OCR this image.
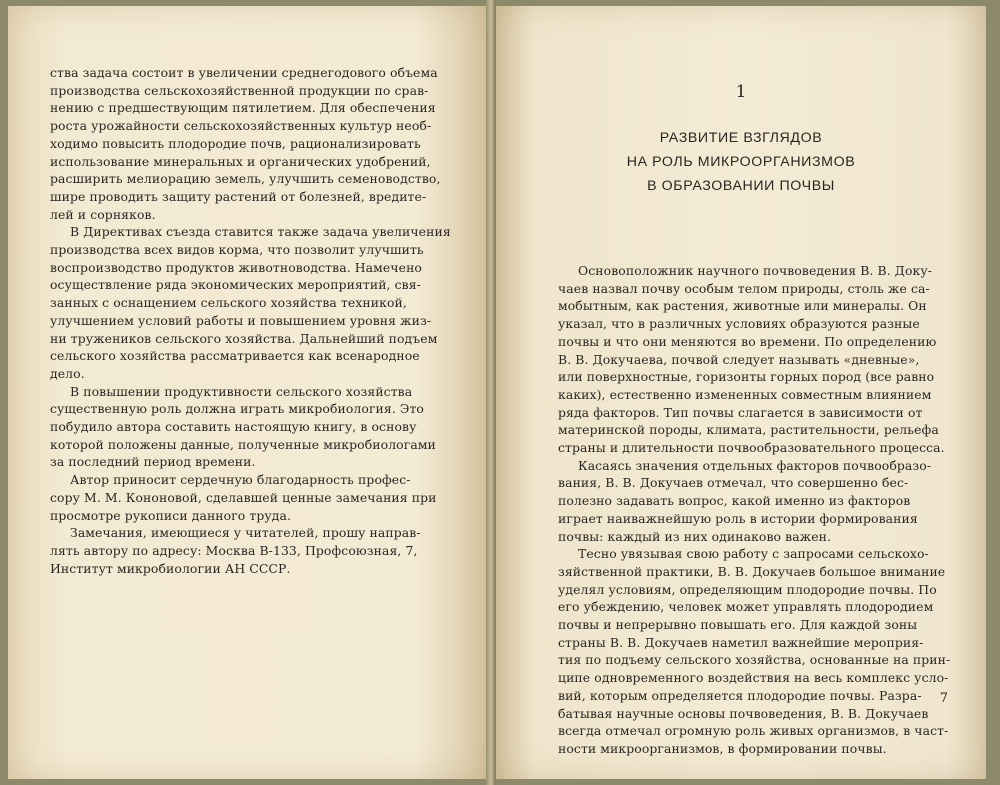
ства задача состоит в увеличении среднегодового объема
производства сельскохозяйственной продукции по срав-
нению с предшествующим пятилетием. Для обеспечения
роста урожайности сельскохозяйственных культур необ-
ходимо повысить плодородие почв, рационализировать
использование минеральных и органических удобрений,
расширить мелиорацию земель, улучшить семеноводство,
шире проводить защиту растений от болезней, вредите-
лей и сорняков.
В Директивах съезда ставится также задача увеличения
производства всех видов корма, что позволит улучшить
воспроизводство продуктов животноводства. Намечено
осуществление ряда экономических мероприятий, свя-
занных с оснащением сельского хозяйства техникой,
улучшением условий работы и повышением уровня жиз-
ни тружеников сельского хозяйства. Дальнейший подъем
сельского хозяйства рассматривается как всенародное
дело.
В повышении продуктивности сельского хозяйства
существенную роль должна играть микробиология. Это
побудило автора составить настоящую книгу, в основу
которой положены данные, полученные микробиологами
за последний период времени.
Автор приносит сердечную благодарность профес-
сору М. М. Кононовой, сделавшей ценные замечания при
просмотре рукописи данного труда.
Замечания, имеющиеся у читателей, прошу направ-
лять автору по адресу: Москва В-133, Профсоюзная, 7,
Институт микробиологии АН СССР.
1
РАЗВИТИЕ ВЗГЛЯДОВ
НА РОЛЬ МИКРООРГАНИЗМОВ
В ОБРАЗОВАНИИ ПОЧВЫ
Основоположник научного почвоведения В. В. Доку-
чаев назвал почву особым телом природы, столь же са-
мобытным, как растения, животные или минералы. Он
указал, что в различных условиях образуются разные
почвы и что они меняются во времени. По определению
В. В. Докучаева, почвой следует называть «дневные»,
или поверхностные, горизонты горных пород (все равно
каких), естественно измененных совместным влиянием
ряда факторов. Тип почвы слагается в зависимости от
материнской породы, климата, растительности, рельефа
страны и длительности почвообразовательного процесса.
Касаясь значения отдельных факторов почвообразо-
вания, В. В. Докучаев отмечал, что совершенно бес-
полезно задавать вопрос, какой именно из факторов
играет наиважнейшую роль в истории формирования
почвы: каждый из них одинаково важен.
Тесно увязывая свою работу с запросами сельскохо-
зяйственной практики, В. В. Докучаев большое внимание
уделял условиям, определяющим плодородие почвы. По
его убеждению, человек может управлять плодородием
почвы и непрерывно повышать его. Для каждой зоны
страны В. В. Докучаев наметил важнейшие мероприя-
тия по подъему сельского хозяйства, основанные на прин-
ципе одновременного воздействия на весь комплекс усло-
вий, которым определяется плодородие почвы. Разра-
батывая научные основы почвоведения, В. В. Докучаев
всегда отмечал огромную роль живых организмов, в част-
ности микроорганизмов, в формировании почвы.
7
